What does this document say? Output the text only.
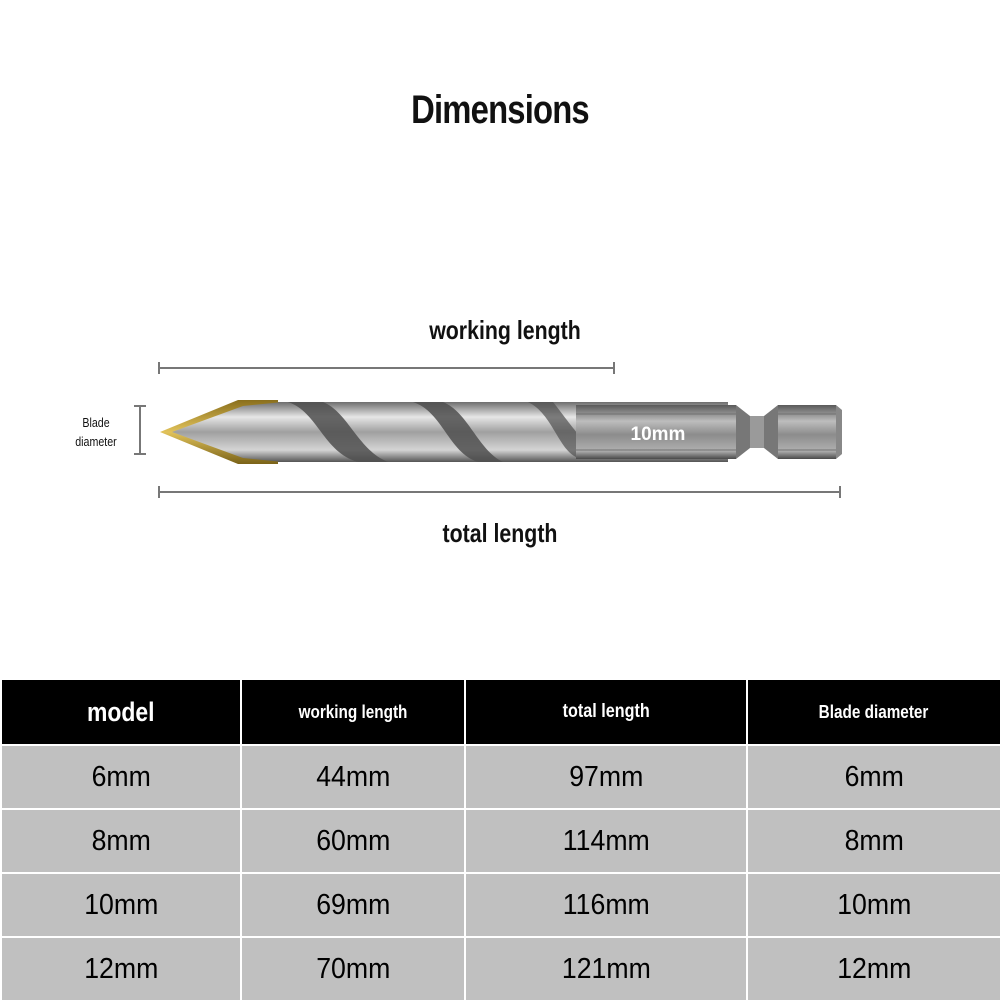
Dimensions
working length
Blade
diameter	10mm
total length
model	working length	total length	Blade diameter
6mm	44mm	97mm	6mm
8mm	60mm	114mm	8mm
10mm	69mm	116mm	10mm
12mm	70mm	121mm	12mm
